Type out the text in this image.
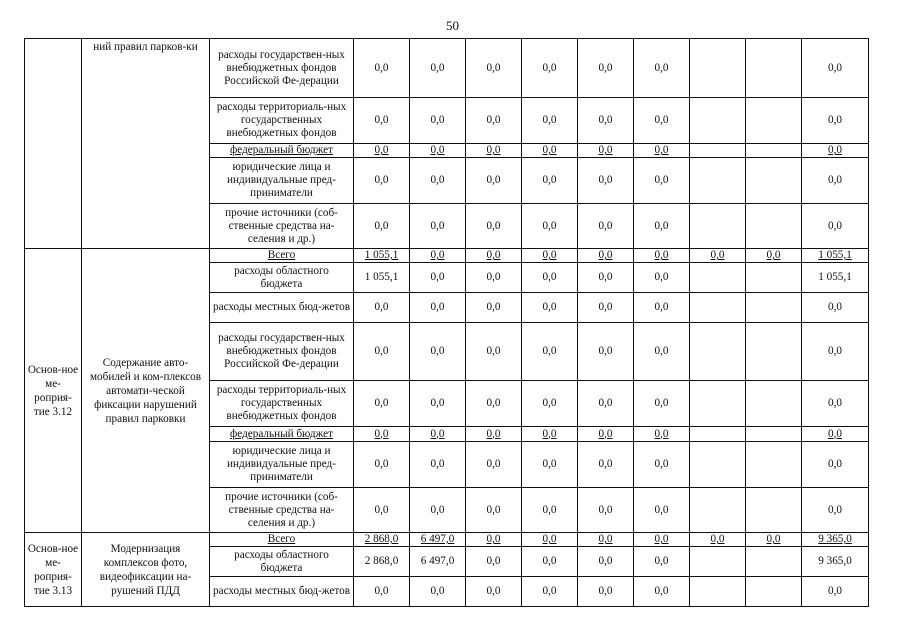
50
	ний правил парков-ки	расходы государствен-ных внебюджетных фондов Российской Фе-дерации	0,0	0,0	0,0	0,0	0,0	0,0			0,0
		расходы территориаль-ных государственных внебюджетных фондов	0,0	0,0	0,0	0,0	0,0	0,0			0,0
		федеральный бюджет	0,0	0,0	0,0	0,0	0,0	0,0			0,0
		юридические лица и индивидуальные пред-приниматели	0,0	0,0	0,0	0,0	0,0	0,0			0,0
		прочие источники (соб-ственные средства на-селения и др.)	0,0	0,0	0,0	0,0	0,0	0,0			0,0
Основ-ное ме-роприя-тие 3.12	Содержание авто-мобилей и ком-плексов автомати-ческой фиксации нарушений правил парковки	Всего	1 055,1	0,0	0,0	0,0	0,0	0,0	0,0	0,0	1 055,1
		расходы областного бюджета	1 055,1	0,0	0,0	0,0	0,0	0,0			1 055,1
		расходы местных бюд-жетов	0,0	0,0	0,0	0,0	0,0	0,0			0,0
		расходы государствен-ных внебюджетных фондов Российской Фе-дерации	0,0	0,0	0,0	0,0	0,0	0,0			0,0
		расходы территориаль-ных государственных внебюджетных фондов	0,0	0,0	0,0	0,0	0,0	0,0			0,0
		федеральный бюджет	0,0	0,0	0,0	0,0	0,0	0,0			0,0
		юридические лица и индивидуальные пред-приниматели	0,0	0,0	0,0	0,0	0,0	0,0			0,0
		прочие источники (соб-ственные средства на-селения и др.)	0,0	0,0	0,0	0,0	0,0	0,0			0,0
Основ-ное ме-роприя-тие 3.13	Модернизация комплексов фото, видеофиксации на-рушений ПДД	Всего	2 868,0	6 497,0	0,0	0,0	0,0	0,0	0,0	0,0	9 365,0
		расходы областного бюджета	2 868,0	6 497,0	0,0	0,0	0,0	0,0			9 365,0
		расходы местных бюд-жетов	0,0	0,0	0,0	0,0	0,0	0,0			0,0
